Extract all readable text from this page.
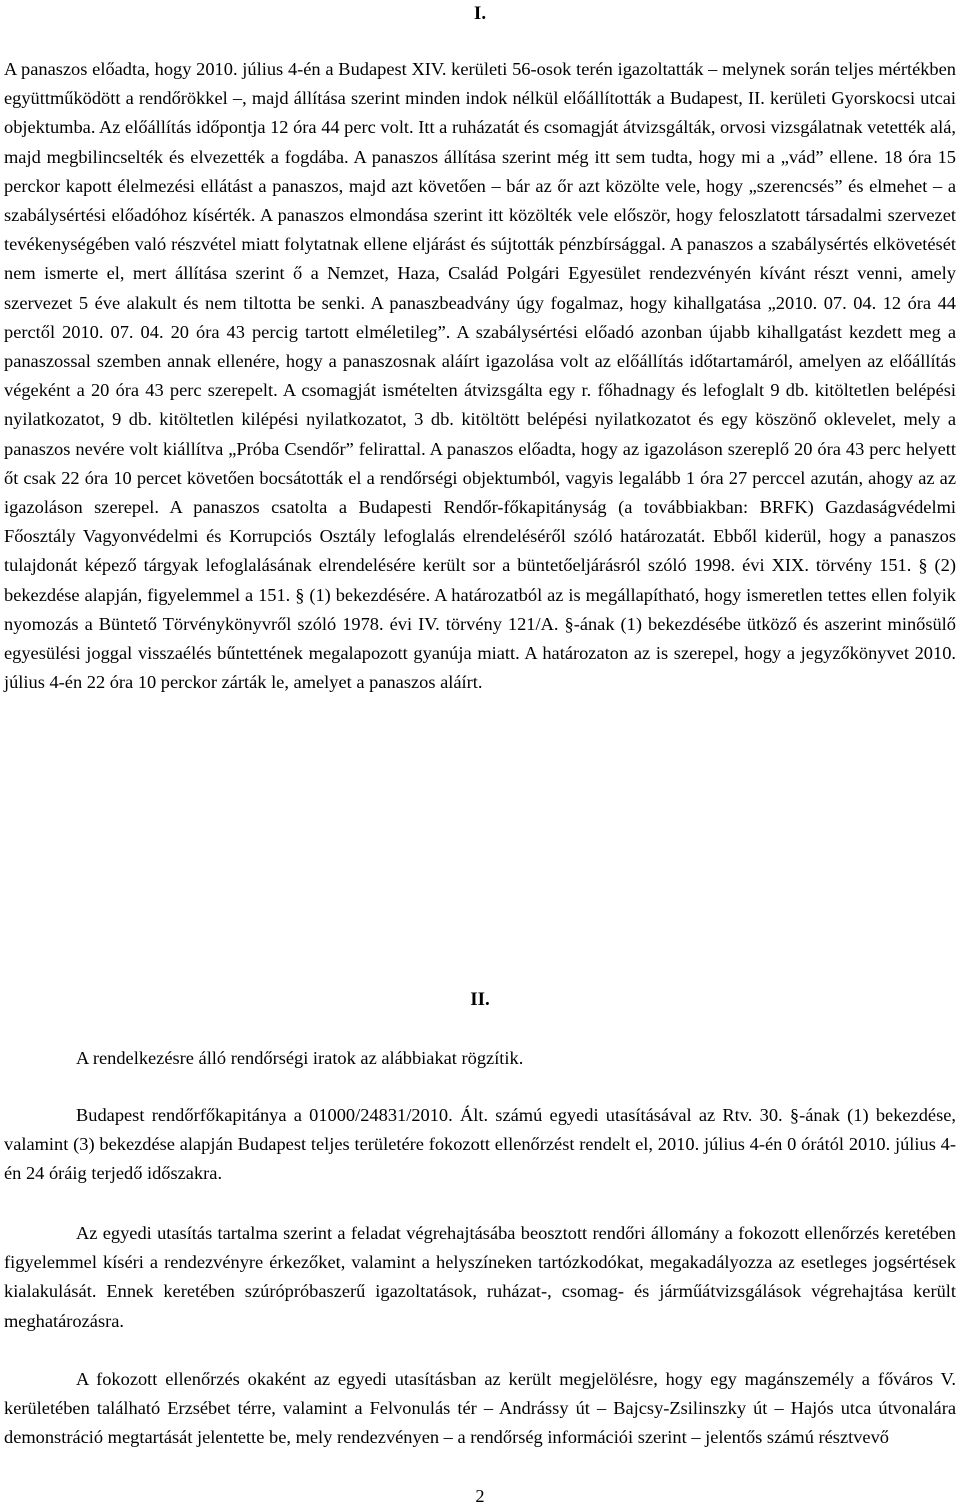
I.

A panaszos előadta, hogy 2010. július 4-én a Budapest XIV. kerületi 56-osok terén igazoltatták – melynek során teljes mértékben együttműködött a rendőrökkel –, majd állítása szerint minden indok nélkül előállították a Budapest, II. kerületi Gyorskocsi utcai objektumba. Az előállítás időpontja 12 óra 44 perc volt. Itt a ruházatát és csomagját átvizsgálták, orvosi vizsgálatnak vetették alá, majd megbilincselték és elvezették a fogdába. A panaszos állítása szerint még itt sem tudta, hogy mi a „vád” ellene. 18 óra 15 perckor kapott élelmezési ellátást a panaszos, majd azt követően – bár az őr azt közölte vele, hogy „szerencsés” és elmehet – a szabálysértési előadóhoz kísérték. A panaszos elmondása szerint itt közölték vele először, hogy feloszlatott társadalmi szervezet tevékenységében való részvétel miatt folytatnak ellene eljárást és sújtották pénzbírsággal. A panaszos a szabálysértés elkövetését nem ismerte el, mert állítása szerint ő a Nemzet, Haza, Család Polgári Egyesület rendezvényén kívánt részt venni, amely szervezet 5 éve alakult és nem tiltotta be senki. A panaszbeadvány úgy fogalmaz, hogy kihallgatása „2010. 07. 04. 12 óra 44 perctől 2010. 07. 04. 20 óra 43 percig tartott elméletileg”. A szabálysértési előadó azonban újabb kihallgatást kezdett meg a panaszossal szemben annak ellenére, hogy a panaszosnak aláírt igazolása volt az előállítás időtartamáról, amelyen az előállítás végeként a 20 óra 43 perc szerepelt. A csomagját ismételten átvizsgálta egy r. főhadnagy és lefoglalt 9 db. kitöltetlen belépési nyilatkozatot, 9 db. kitöltetlen kilépési nyilatkozatot, 3 db. kitöltött belépési nyilatkozatot és egy köszönő oklevelet, mely a panaszos nevére volt kiállítva „Próba Csendőr” felirattal. A panaszos előadta, hogy az igazoláson szereplő 20 óra 43 perc helyett őt csak 22 óra 10 percet követően bocsátották el a rendőrségi objektumból, vagyis legalább 1 óra 27 perccel azután, ahogy az az igazoláson szerepel. A panaszos csatolta a Budapesti Rendőr-főkapitányság (a továbbiakban: BRFK) Gazdaságvédelmi Főosztály Vagyonvédelmi és Korrupciós Osztály lefoglalás elrendeléséről szóló határozatát. Ebből kiderül, hogy a panaszos tulajdonát képező tárgyak lefoglalásának elrendelésére került sor a büntetőeljárásról szóló 1998. évi XIX. törvény 151. § (2) bekezdése alapján, figyelemmel a 151. § (1) bekezdésére. A határozatból az is megállapítható, hogy ismeretlen tettes ellen folyik nyomozás a Büntető Törvénykönyvről szóló 1978. évi IV. törvény 121/A. §-ának (1) bekezdésébe ütköző és aszerint minősülő egyesülési joggal visszaélés bűntettének megalapozott gyanúja miatt. A határozaton az is szerepel, hogy a jegyzőkönyvet 2010. július 4-én 22 óra 10 perckor zárták le, amelyet a panaszos aláírt.

II.

A rendelkezésre álló rendőrségi iratok az alábbiakat rögzítik.

Budapest rendőrfőkapitánya a 01000/24831/2010. Ált. számú egyedi utasításával az Rtv. 30. §-ának (1) bekezdése, valamint (3) bekezdése alapján Budapest teljes területére fokozott ellenőrzést rendelt el, 2010. július 4-én 0 órától 2010. július 4-én 24 óráig terjedő időszakra.

Az egyedi utasítás tartalma szerint a feladat végrehajtásába beosztott rendőri állomány a fokozott ellenőrzés keretében figyelemmel kíséri a rendezvényre érkezőket, valamint a helyszíneken tartózkodókat, megakadályozza az esetleges jogsértések kialakulását. Ennek keretében szúrópróbaszerű igazoltatások, ruházat-, csomag- és járműátvizsgálások végrehajtása került meghatározásra.

A fokozott ellenőrzés okaként az egyedi utasításban az került megjelölésre, hogy egy magánszemély a főváros V. kerületében található Erzsébet térre, valamint a Felvonulás tér – Andrássy út – Bajcsy-Zsilinszky út – Hajós utca útvonalára demonstráció megtartását jelentette be, mely rendezvényen – a rendőrség információi szerint – jelentős számú résztvevő

2
